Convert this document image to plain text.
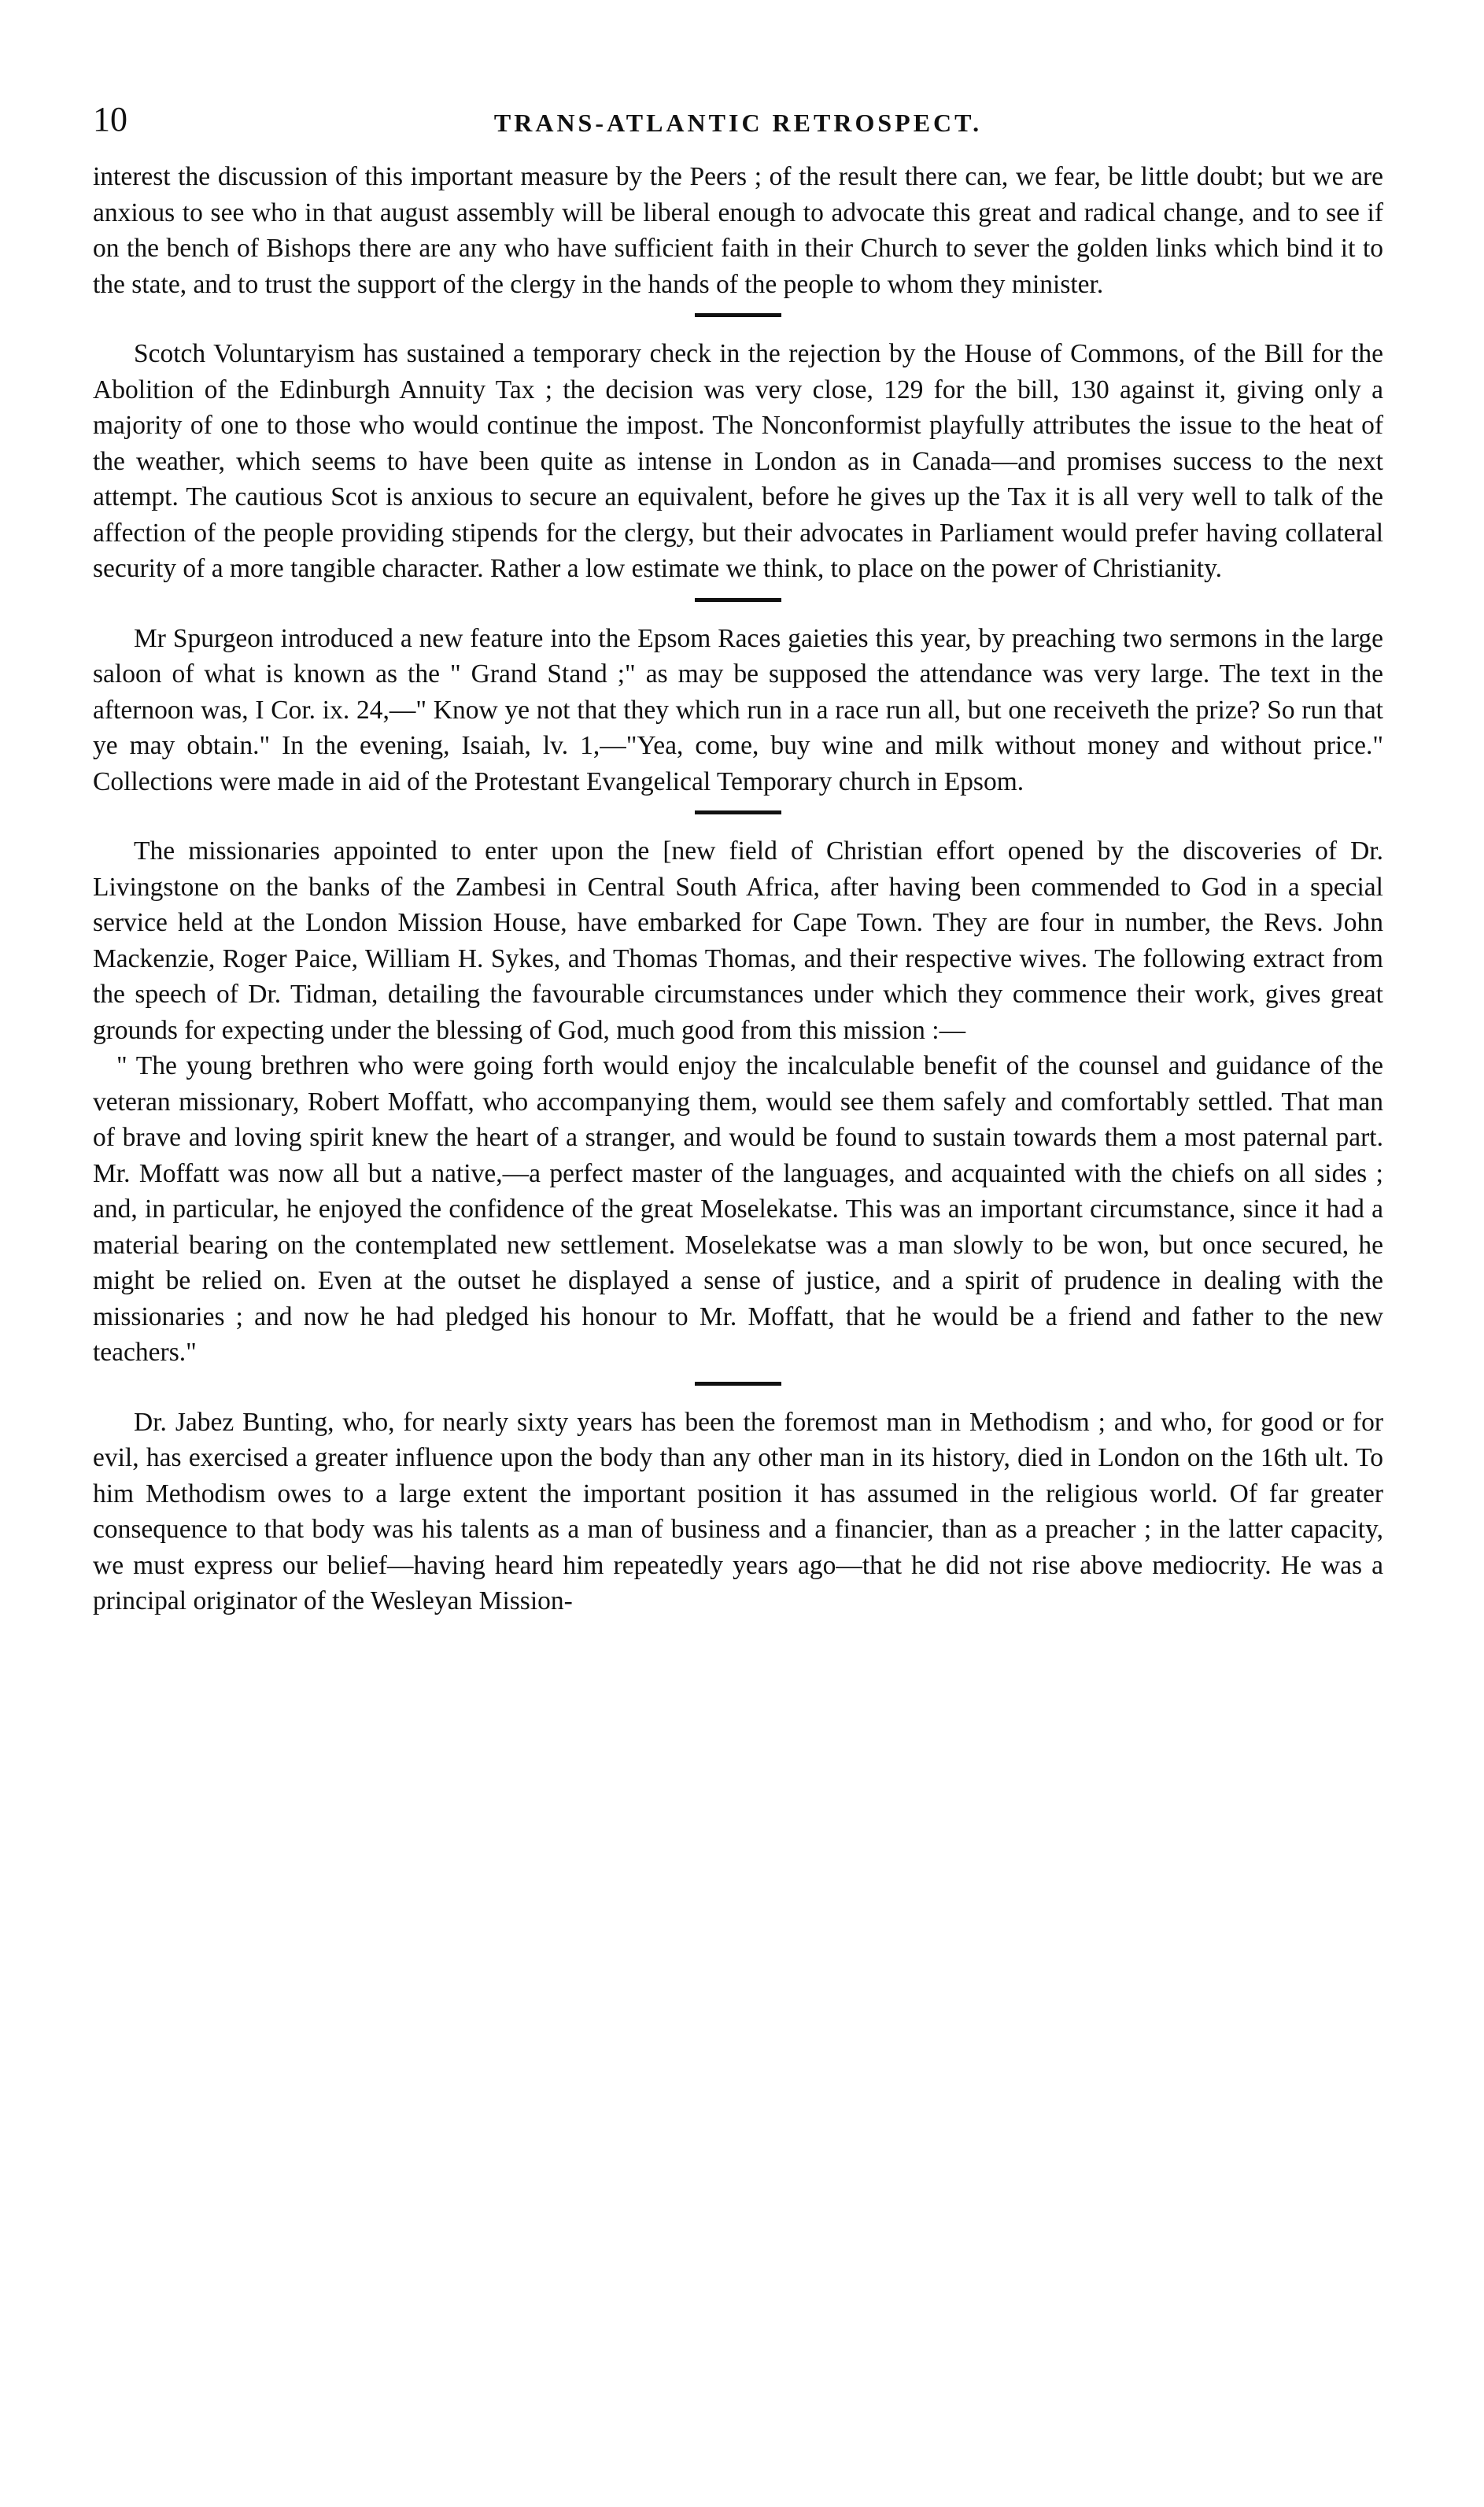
10	TRANS-ATLANTIC RETROSPECT.

interest the discussion of this important measure by the Peers ; of the result there can, we fear, be little doubt; but we are anxious to see who in that august assembly will be liberal enough to advocate this great and radical change, and to see if on the bench of Bishops there are any who have sufficient faith in their Church to sever the golden links which bind it to the state, and to trust the support of the clergy in the hands of the people to whom they minister.

Scotch Voluntaryism has sustained a temporary check in the rejection by the House of Commons, of the Bill for the Abolition of the Edinburgh Annuity Tax ; the decision was very close, 129 for the bill, 130 against it, giving only a majority of one to those who would continue the impost. The Nonconformist playfully attributes the issue to the heat of the weather, which seems to have been quite as intense in London as in Canada—and promises success to the next attempt. The cautious Scot is anxious to secure an equivalent, before he gives up the Tax it is all very well to talk of the affection of the people providing stipends for the clergy, but their advocates in Parliament would prefer having collateral security of a more tangible character. Rather a low estimate we think, to place on the power of Christianity.

Mr Spurgeon introduced a new feature into the Epsom Races gaieties this year, by preaching two sermons in the large saloon of what is known as the " Grand Stand ;" as may be supposed the attendance was very large. The text in the afternoon was, I Cor. ix. 24,—" Know ye not that they which run in a race run all, but one receiveth the prize? So run that ye may obtain." In the evening, Isaiah, lv. 1,—"Yea, come, buy wine and milk without money and without price." Collections were made in aid of the Protestant Evangelical Temporary church in Epsom.

The missionaries appointed to enter upon the [new field of Christian effort opened by the discoveries of Dr. Livingstone on the banks of the Zambesi in Central South Africa, after having been commended to God in a special service held at the London Mission House, have embarked for Cape Town. They are four in number, the Revs. John Mackenzie, Roger Paice, William H. Sykes, and Thomas Thomas, and their respective wives. The following extract from the speech of Dr. Tidman, detailing the favourable circumstances under which they commence their work, gives great grounds for expecting under the blessing of God, much good from this mission :—

" The young brethren who were going forth would enjoy the incalculable benefit of the counsel and guidance of the veteran missionary, Robert Moffatt, who accompanying them, would see them safely and comfortably settled. That man of brave and loving spirit knew the heart of a stranger, and would be found to sustain towards them a most paternal part. Mr. Moffatt was now all but a native,—a perfect master of the languages, and acquainted with the chiefs on all sides ; and, in particular, he enjoyed the confidence of the great Moselekatse. This was an important circumstance, since it had a material bearing on the contemplated new settlement. Moselekatse was a man slowly to be won, but once secured, he might be relied on. Even at the outset he displayed a sense of justice, and a spirit of prudence in dealing with the missionaries ; and now he had pledged his honour to Mr. Moffatt, that he would be a friend and father to the new teachers."

Dr. Jabez Bunting, who, for nearly sixty years has been the foremost man in Methodism ; and who, for good or for evil, has exercised a greater influence upon the body than any other man in its history, died in London on the 16th ult. To him Methodism owes to a large extent the important position it has assumed in the religious world. Of far greater consequence to that body was his talents as a man of business and a financier, than as a preacher ; in the latter capacity, we must express our belief—having heard him repeatedly years ago—that he did not rise above mediocrity. He was a principal originator of the Wesleyan Mission-
